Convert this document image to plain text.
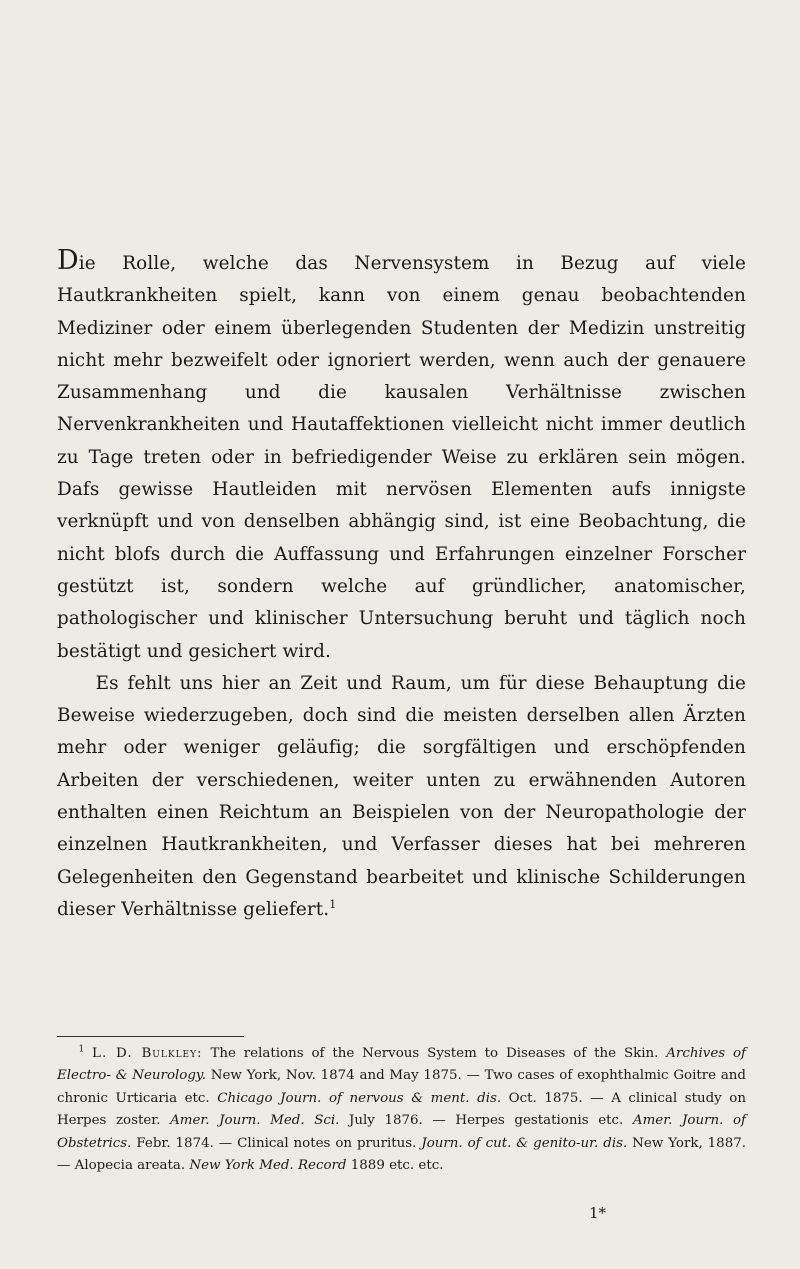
Die Rolle, welche das Nervensystem in Bezug auf viele Hautkrankheiten spielt, kann von einem genau beobachtenden Mediziner oder einem überlegenden Studenten der Medizin unstreitig nicht mehr bezweifelt oder ignoriert werden, wenn auch der genauere Zusammenhang und die kausalen Verhältnisse zwischen Nervenkrankheiten und Hautaffektionen vielleicht nicht immer deutlich zu Tage treten oder in befriedigender Weise zu erklären sein mögen. Dafs gewisse Hautleiden mit nervösen Elementen aufs innigste verknüpft und von denselben abhängig sind, ist eine Beobachtung, die nicht blofs durch die Auffassung und Erfahrungen einzelner Forscher gestützt ist, sondern welche auf gründlicher, anatomischer, pathologischer und klinischer Untersuchung beruht und täglich noch bestätigt und gesichert wird.

Es fehlt uns hier an Zeit und Raum, um für diese Behauptung die Beweise wiederzugeben, doch sind die meisten derselben allen Ärzten mehr oder weniger geläufig; die sorgfältigen und erschöpfenden Arbeiten der verschiedenen, weiter unten zu erwähnenden Autoren enthalten einen Reichtum an Beispielen von der Neuropathologie der einzelnen Hautkrankheiten, und Verfasser dieses hat bei mehreren Gelegenheiten den Gegenstand bearbeitet und klinische Schilderungen dieser Verhältnisse geliefert.$^1$

$^1$ L. D. Bulkley: The relations of the Nervous System to Diseases of the Skin. Archives of Electro- & Neurology. New York, Nov. 1874 and May 1875. — Two cases of exophthalmic Goitre and chronic Urticaria etc. Chicago Journ. of nervous & ment. dis. Oct. 1875. — A clinical study on Herpes zoster. Amer. Journ. Med. Sci. July 1876. — Herpes gestationis etc. Amer. Journ. of Obstetrics. Febr. 1874. — Clinical notes on pruritus. Journ. of cut. & genito-ur. dis. New York, 1887. — Alopecia areata. New York Med. Record 1889 etc. etc.
1*
